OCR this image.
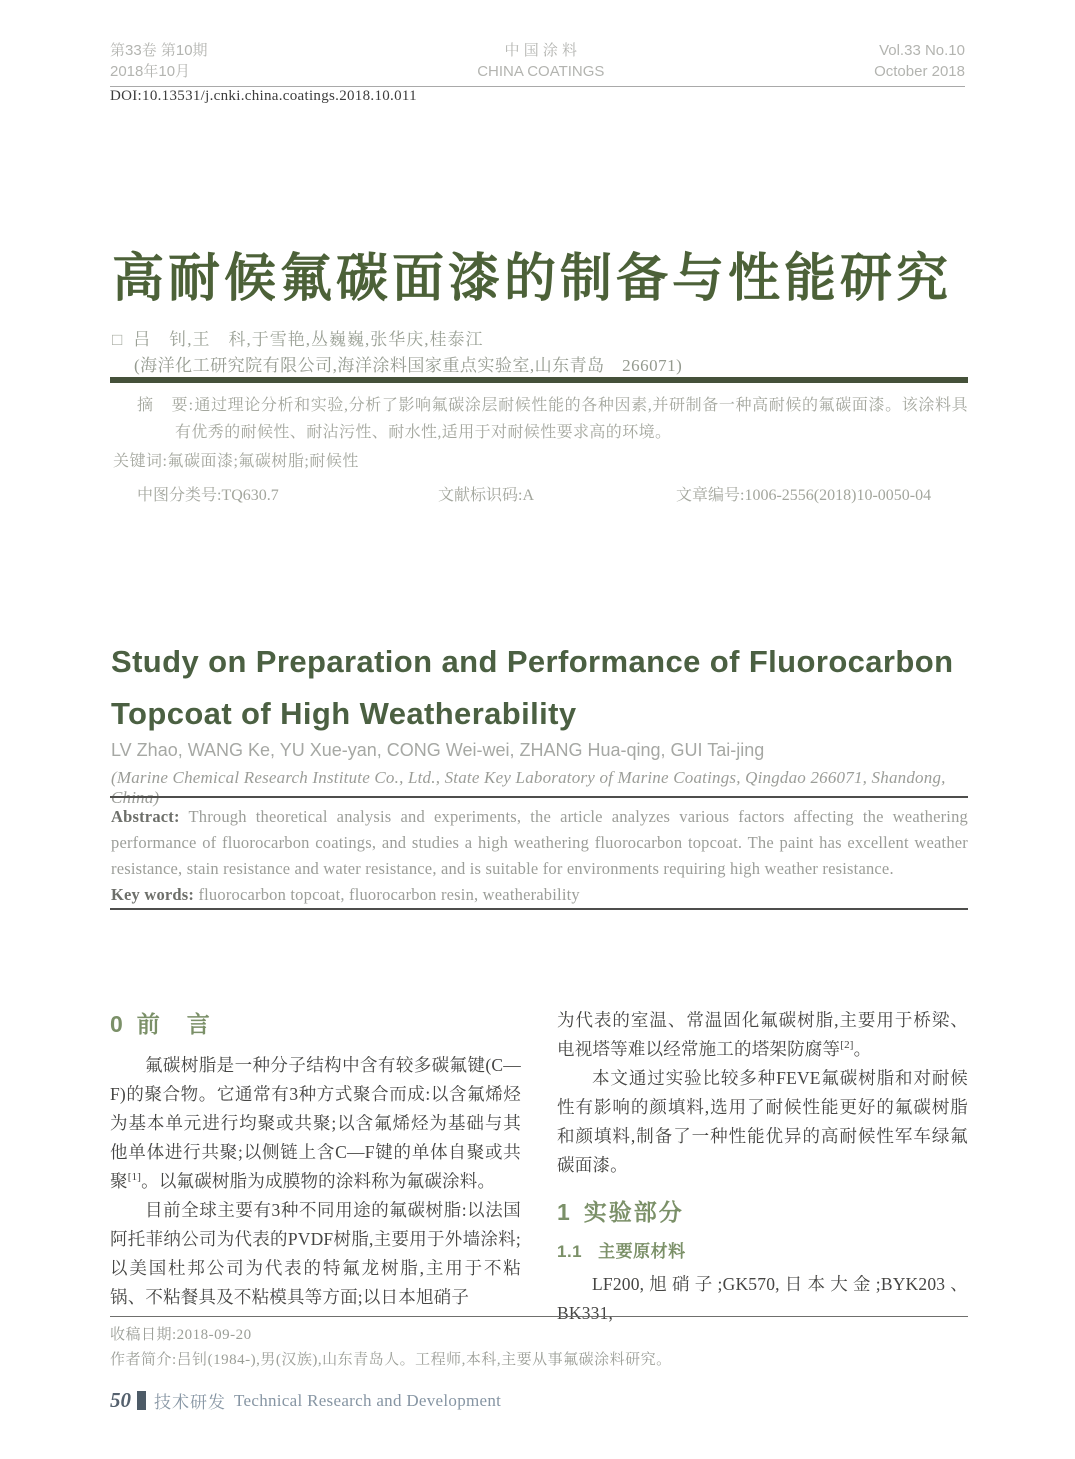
第33卷 第10期
2018年10月
中 国 涂 料
CHINA COATINGS
Vol.33 No.10
October 2018
DOI:10.13531/j.cnki.china.coatings.2018.10.011
高耐候氟碳面漆的制备与性能研究
□ 吕　钊,王　科,于雪艳,丛巍巍,张华庆,桂泰江
(海洋化工研究院有限公司,海洋涂料国家重点实验室,山东青岛　266071)

摘　要:通过理论分析和实验,分析了影响氟碳涂层耐候性能的各种因素,并研制备一种高耐候的氟碳面漆。该涂料具有优秀的耐候性、耐沾污性、耐水性,适用于对耐候性要求高的环境。

关键词:氟碳面漆;氟碳树脂;耐候性

中图分类号:TQ630.7	文献标识码:A	文章编号:1006-2556(2018)10-0050-04
Study on Preparation and Performance of Fluorocarbon
Topcoat of High Weatherability
LV Zhao, WANG Ke, YU Xue-yan, CONG Wei-wei, ZHANG Hua-qing, GUI Tai-jing
(Marine Chemical Research Institute Co., Ltd., State Key Laboratory of Marine Coatings, Qingdao 266071, Shandong, China)

Abstract: Through theoretical analysis and experiments, the article analyzes various factors affecting the weathering performance of fluorocarbon coatings, and studies a high weathering fluorocarbon topcoat. The paint has excellent weather resistance, stain resistance and water resistance, and is suitable for environments requiring high weather resistance.

Key words: fluorocarbon topcoat, fluorocarbon resin, weatherability

0 前　言

氟碳树脂是一种分子结构中含有较多碳氟键(C—F)的聚合物。它通常有3种方式聚合而成:以含氟烯烃为基本单元进行均聚或共聚;以含氟烯烃为基础与其他单体进行共聚;以侧链上含C—F键的单体自聚或共聚[1]。以氟碳树脂为成膜物的涂料称为氟碳涂料。

目前全球主要有3种不同用途的氟碳树脂:以法国阿托菲纳公司为代表的PVDF树脂,主要用于外墙涂料;以美国杜邦公司为代表的特氟龙树脂,主用于不粘锅、不粘餐具及不粘模具等方面;以日本旭硝子

为代表的室温、常温固化氟碳树脂,主要用于桥梁、电视塔等难以经常施工的塔架防腐等[2]。

本文通过实验比较多种FEVE氟碳树脂和对耐候性有影响的颜填料,选用了耐候性能更好的氟碳树脂和颜填料,制备了一种性能优异的高耐候性军车绿氟碳面漆。

1 实验部分
1.1 主要原材料

LF200,旭硝子;GK570,日本大金;BYK203、BK331,

收稿日期:2018-09-20
作者简介:吕钊(1984-),男(汉族),山东青岛人。工程师,本科,主要从事氟碳涂料研究。
50 技术研发 Technical Research and Development
